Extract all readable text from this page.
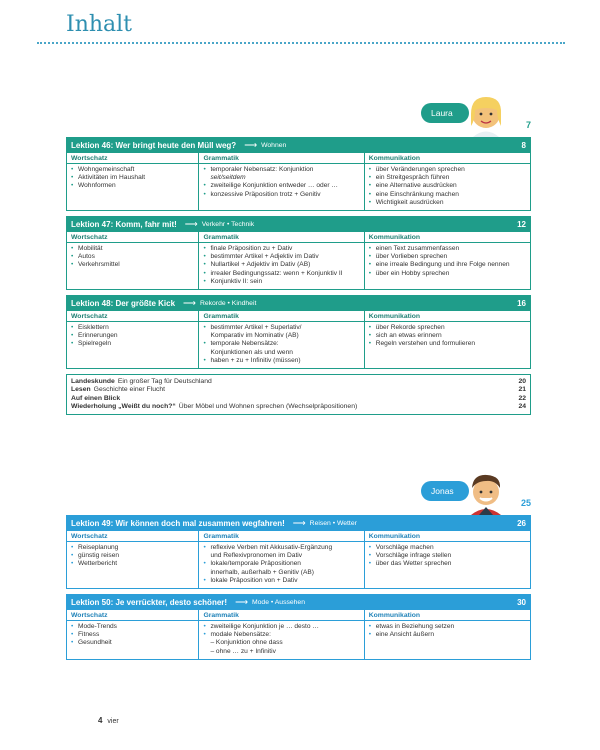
Inhalt
Laura
7
Lektion 46: Wer bringt heute den Müll weg? ⟶ Wohnen	8
Wortschatz
• Wohngemeinschaft
• Aktivitäten im Haushalt
• Wohnformen
Grammatik
• temporaler Nebensatz: Konjunktion
seit/seitdem
• zweiteilige Konjunktion entweder … oder …
• konzessive Präposition trotz + Genitiv
Kommunikation
• über Veränderungen sprechen
• ein Streitgespräch führen
• eine Alternative ausdrücken
• eine Einschränkung machen
• Wichtigkeit ausdrücken
Lektion 47: Komm, fahr mit! ⟶ Verkehr • Technik	12
Wortschatz
• Mobilität
• Autos
• Verkehrsmittel
Grammatik
• finale Präposition zu + Dativ
• bestimmter Artikel + Adjektiv im Dativ
• Nullartikel + Adjektiv im Dativ (AB)
• irrealer Bedingungssatz: wenn + Konjunktiv II
• Konjunktiv II: sein
Kommunikation
• einen Text zusammenfassen
• über Vorlieben sprechen
• eine irreale Bedingung und ihre Folge nennen
• über ein Hobby sprechen
Lektion 48: Der größte Kick ⟶ Rekorde • Kindheit	16
Wortschatz
• Eisklettern
• Erinnerungen
• Spielregeln
Grammatik
• bestimmter Artikel + Superlativ/
Komparativ im Nominativ (AB)
• temporale Nebensätze:
Konjunktionen als und wenn
• haben + zu + Infinitiv (müssen)
Kommunikation
• über Rekorde sprechen
• sich an etwas erinnern
• Regeln verstehen und formulieren
Landeskunde Ein großer Tag für Deutschland	20
Lesen Geschichte einer Flucht	21
Auf einen Blick	22
Wiederholung „Weißt du noch?“ Über Möbel und Wohnen sprechen (Wechselpräpositionen)	24
Jonas
25
Lektion 49: Wir können doch mal zusammen wegfahren! ⟶ Reisen • Wetter	26
Wortschatz
• Reiseplanung
• günstig reisen
• Wetterbericht
Grammatik
• reflexive Verben mit Akkusativ-Ergänzung
und Reflexivpronomen im Dativ
• lokale/temporale Präpositionen
innerhalb, außerhalb + Genitiv (AB)
• lokale Präposition von + Dativ
Kommunikation
• Vorschläge machen
• Vorschläge infrage stellen
• über das Wetter sprechen
Lektion 50: Je verrückter, desto schöner! ⟶ Mode • Aussehen	30
Wortschatz
• Mode-Trends
• Fitness
• Gesundheit
Grammatik
• zweiteilige Konjunktion je … desto …
• modale Nebensätze:
– Konjunktion ohne dass
– ohne … zu + Infinitiv
Kommunikation
• etwas in Beziehung setzen
• eine Ansicht äußern
4 vier
